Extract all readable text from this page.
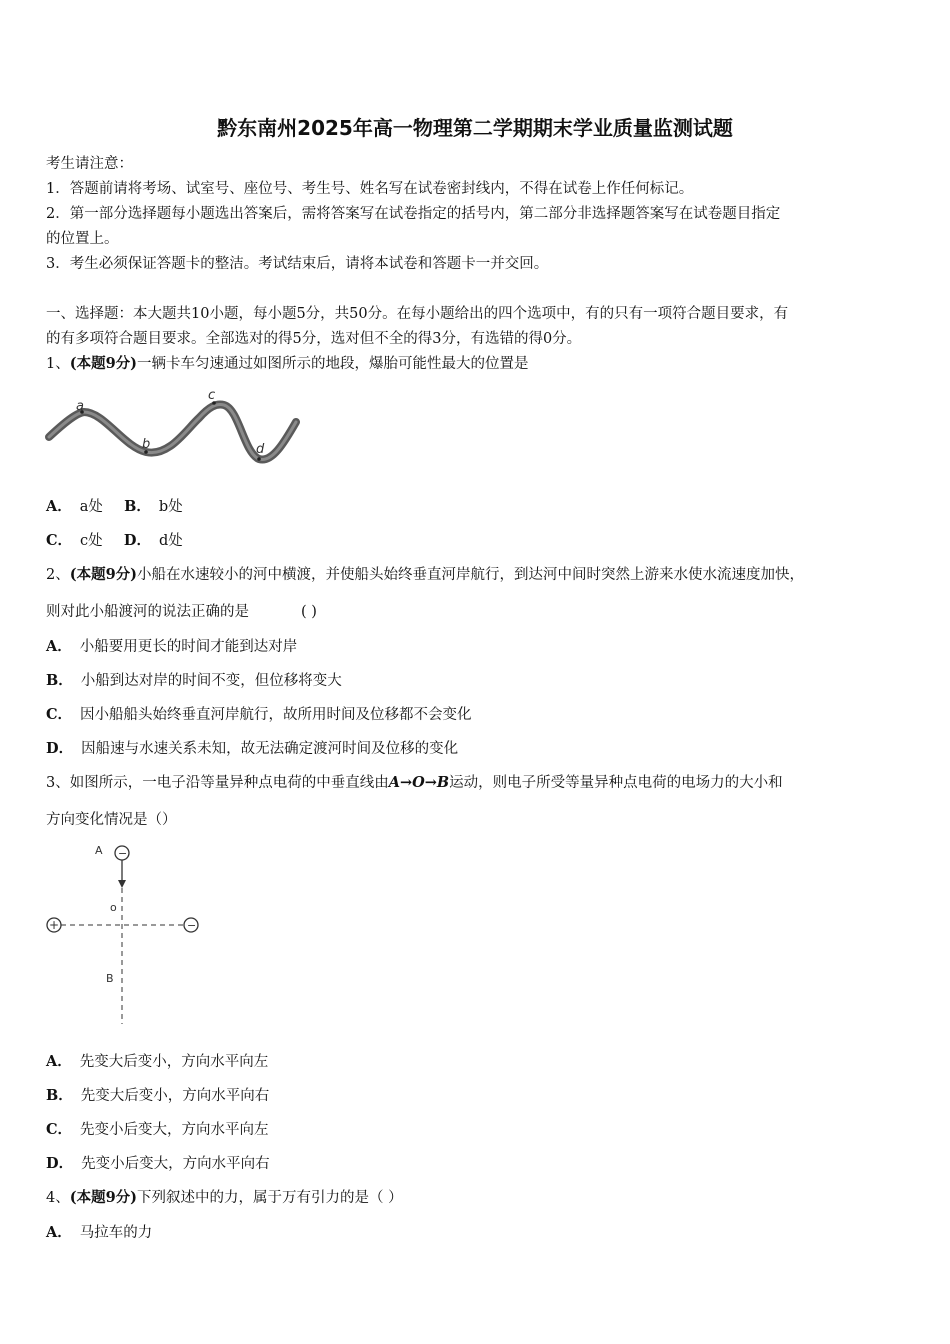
黔东南州2025年高一物理第二学期期末学业质量监测试题
考生请注意：
1．答题前请将考场、试室号、座位号、考生号、姓名写在试卷密封线内，不得在试卷上作任何标记。
2．第一部分选择题每小题选出答案后，需将答案写在试卷指定的括号内，第二部分非选择题答案写在试卷题目指定
的位置上。
3．考生必须保证答题卡的整洁。考试结束后，请将本试卷和答题卡一并交回。
一、选择题：本大题共10小题，每小题5分，共50分。在每小题给出的四个选项中，有的只有一项符合题目要求，有
的有多项符合题目要求。全部选对的得5分，选对但不全的得3分，有选错的得0分。
1、(本题9分)一辆卡车匀速通过如图所示的地段，爆胎可能性最大的位置是
a
b
c
d
A． a处 B． b处
C． c处 D． d处
2、(本题9分)小船在水速较小的河中横渡，并使船头始终垂直河岸航行，到达河中间时突然上游来水使水流速度加快，
则对此小船渡河的说法正确的是	( )
A． 小船要用更长的时间才能到达对岸
B． 小船到达对岸的时间不变，但位移将变大
C． 因小船船头始终垂直河岸航行，故所用时间及位移都不会变化
D． 因船速与水速关系未知，故无法确定渡河时间及位移的变化
3、如图所示，一电子沿等量异种点电荷的中垂直线由A→O→B运动，则电子所受等量异种点电荷的电场力的大小和
方向变化情况是（）
A −
o
+	−
B
A． 先变大后变小，方向水平向左
B． 先变大后变小，方向水平向右
C． 先变小后变大，方向水平向左
D． 先变小后变大，方向水平向右
4、(本题9分)下列叙述中的力，属于万有引力的是（ ）
A． 马拉车的力
